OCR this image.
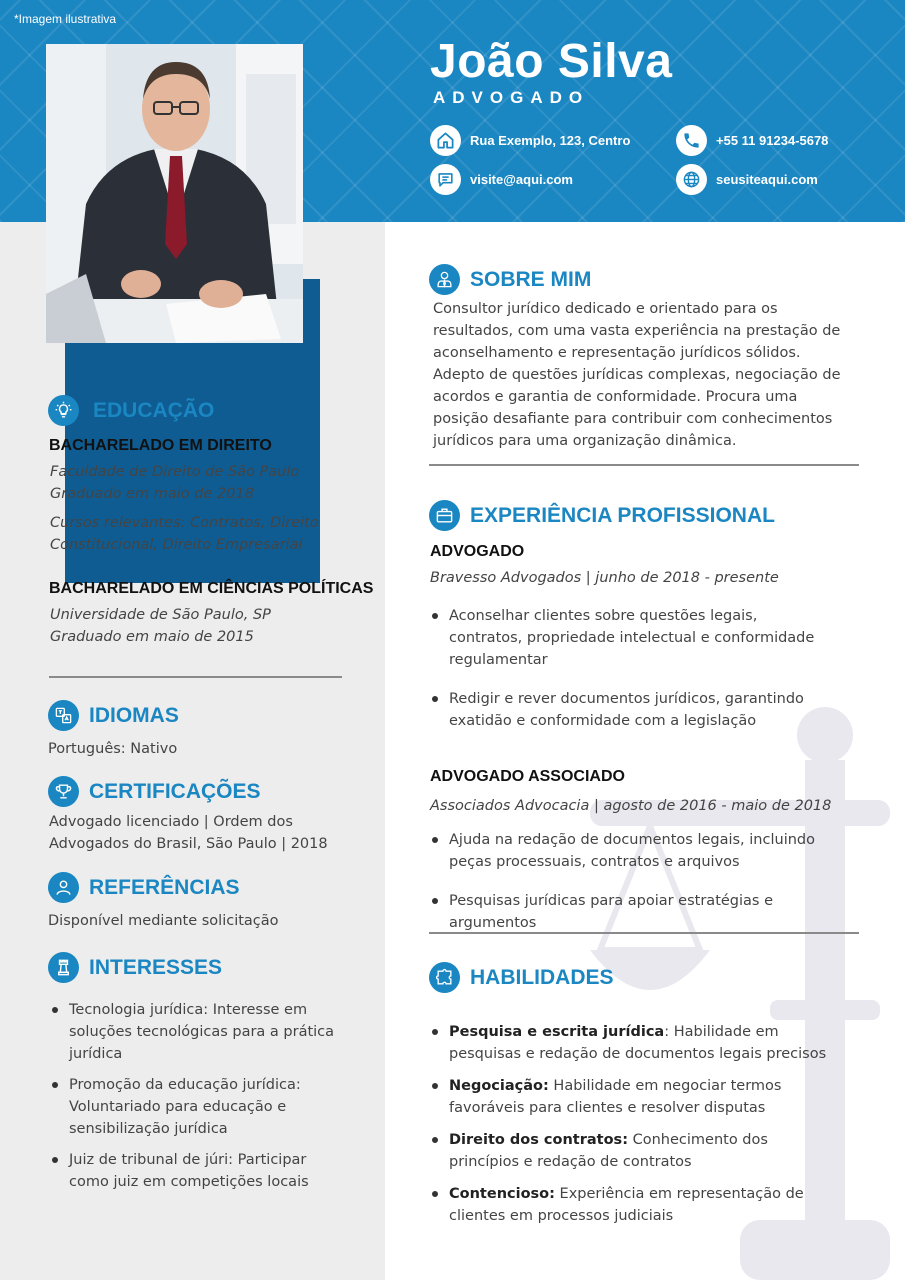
*Imagem ilustrativa
João Silva
ADVOGADO
Rua Exemplo, 123, Centro	+55 11 91234-5678
visite@aqui.com	seusiteaqui.com
EDUCAÇÃO
BACHARELADO EM DIREITO
Faculdade de Direito de São Paulo
Graduado em maio de 2018
Cursos relevantes: Contratos, Direito
Constitucional, Direito Empresarial
BACHARELADO EM CIÊNCIAS POLÍTICAS
Universidade de São Paulo, SP
Graduado em maio de 2015
IDIOMAS
Português: Nativo
CERTIFICAÇÕES
Advogado licenciado | Ordem dos
Advogados do Brasil, São Paulo | 2018
REFERÊNCIAS
Disponível mediante solicitação
INTERESSES
Tecnologia jurídica: Interesse em soluções tecnológicas para a prática jurídica
Promoção da educação jurídica: Voluntariado para educação e sensibilização jurídica
Juiz de tribunal de júri: Participar como juiz em competições locais
SOBRE MIM
Consultor jurídico dedicado e orientado para os resultados, com uma vasta experiência na prestação de aconselhamento e representação jurídicos sólidos. Adepto de questões jurídicas complexas, negociação de acordos e garantia de conformidade. Procura uma posição desafiante para contribuir com conhecimentos jurídicos para uma organização dinâmica.
EXPERIÊNCIA PROFISSIONAL
ADVOGADO
Bravesso Advogados | junho de 2018 - presente
Aconselhar clientes sobre questões legais, contratos, propriedade intelectual e conformidade regulamentar
Redigir e rever documentos jurídicos, garantindo exatidão e conformidade com a legislação
ADVOGADO ASSOCIADO
Associados Advocacia | agosto de 2016 - maio de 2018
Ajuda na redação de documentos legais, incluindo peças processuais, contratos e arquivos
Pesquisas jurídicas para apoiar estratégias e argumentos
HABILIDADES
Pesquisa e escrita jurídica: Habilidade em pesquisas e redação de documentos legais precisos
Negociação: Habilidade em negociar termos favoráveis para clientes e resolver disputas
Direito dos contratos: Conhecimento dos princípios e redação de contratos
Contencioso: Experiência em representação de clientes em processos judiciais
